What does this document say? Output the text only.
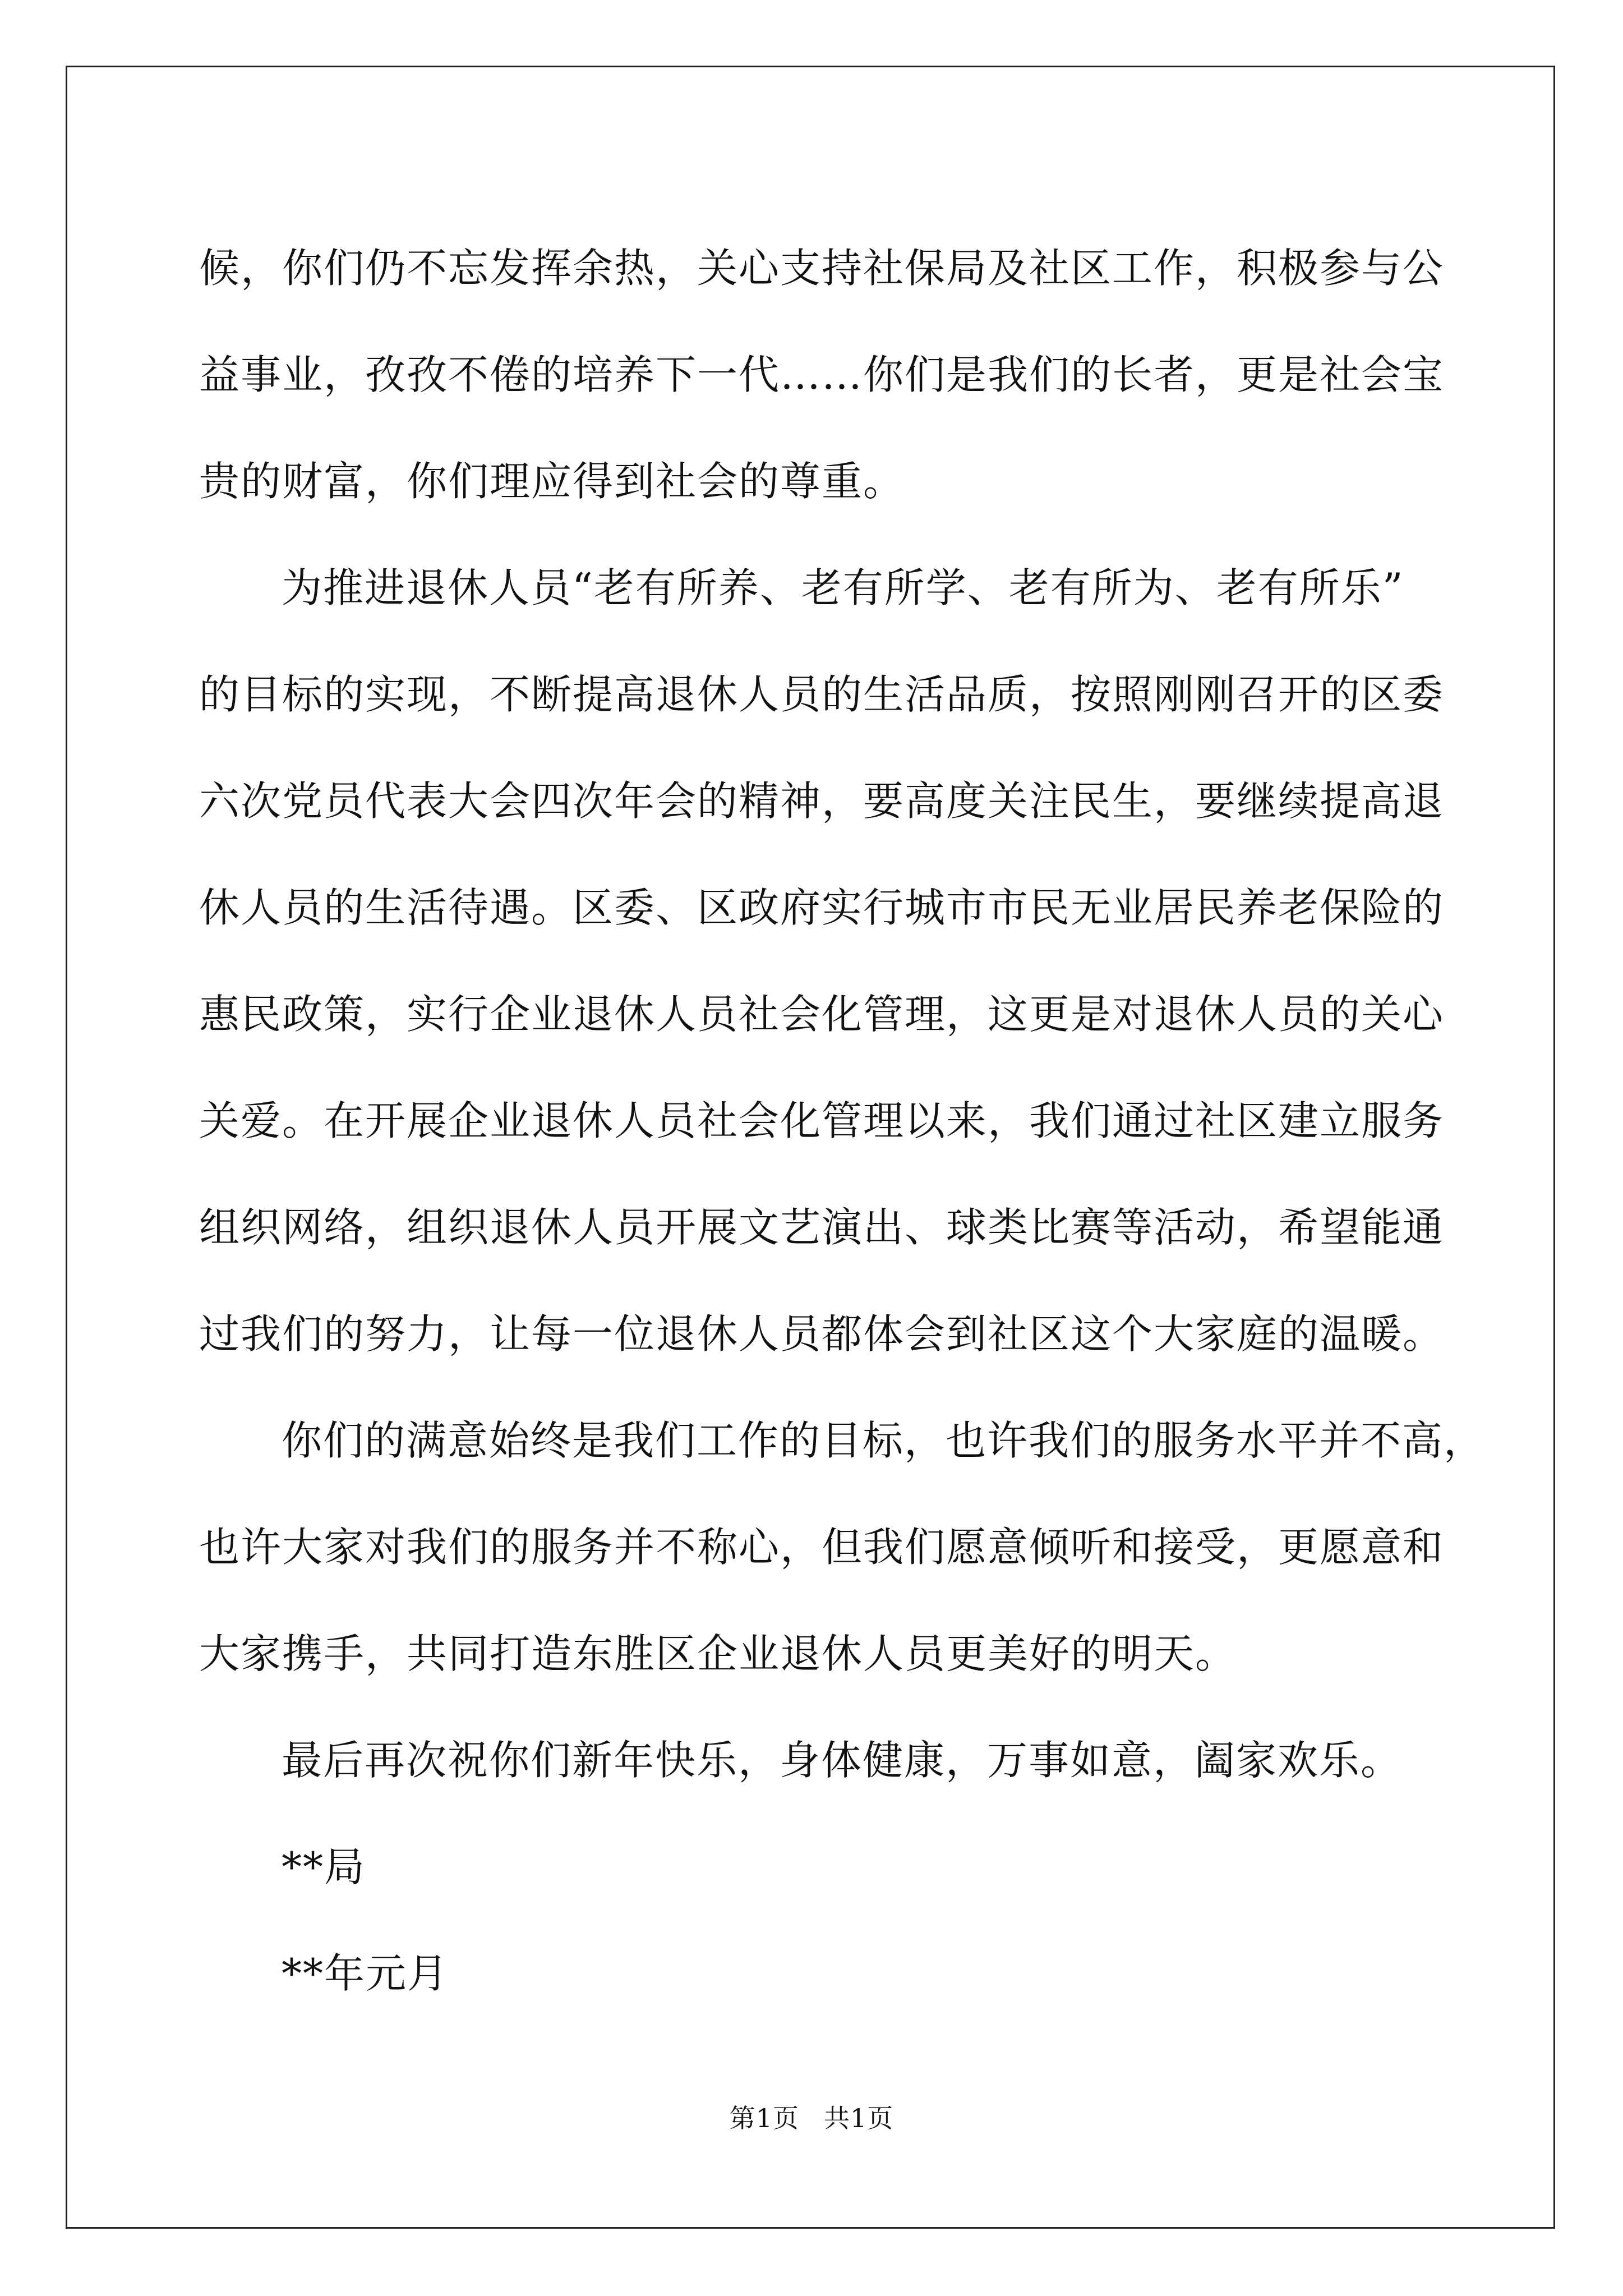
候，你们仍不忘发挥余热，关心支持社保局及社区工作，积极参与公
益事业，孜孜不倦的培养下一代……你们是我们的长者，更是社会宝
贵的财富，你们理应得到社会的尊重。
为推进退休人员“老有所养、老有所学、老有所为、老有所乐”
的目标的实现，不断提高退休人员的生活品质，按照刚刚召开的区委
六次党员代表大会四次年会的精神，要高度关注民生，要继续提高退
休人员的生活待遇。区委、区政府实行城市市民无业居民养老保险的
惠民政策，实行企业退休人员社会化管理，这更是对退休人员的关心
关爱。在开展企业退休人员社会化管理以来，我们通过社区建立服务
组织网络，组织退休人员开展文艺演出、球类比赛等活动，希望能通
过我们的努力，让每一位退休人员都体会到社区这个大家庭的温暖。
你们的满意始终是我们工作的目标，也许我们的服务水平并不高，
也许大家对我们的服务并不称心，但我们愿意倾听和接受，更愿意和
大家携手，共同打造东胜区企业退休人员更美好的明天。
最后再次祝你们新年快乐，身体健康，万事如意，阖家欢乐。
**局
**年元月
第1页 共1页
